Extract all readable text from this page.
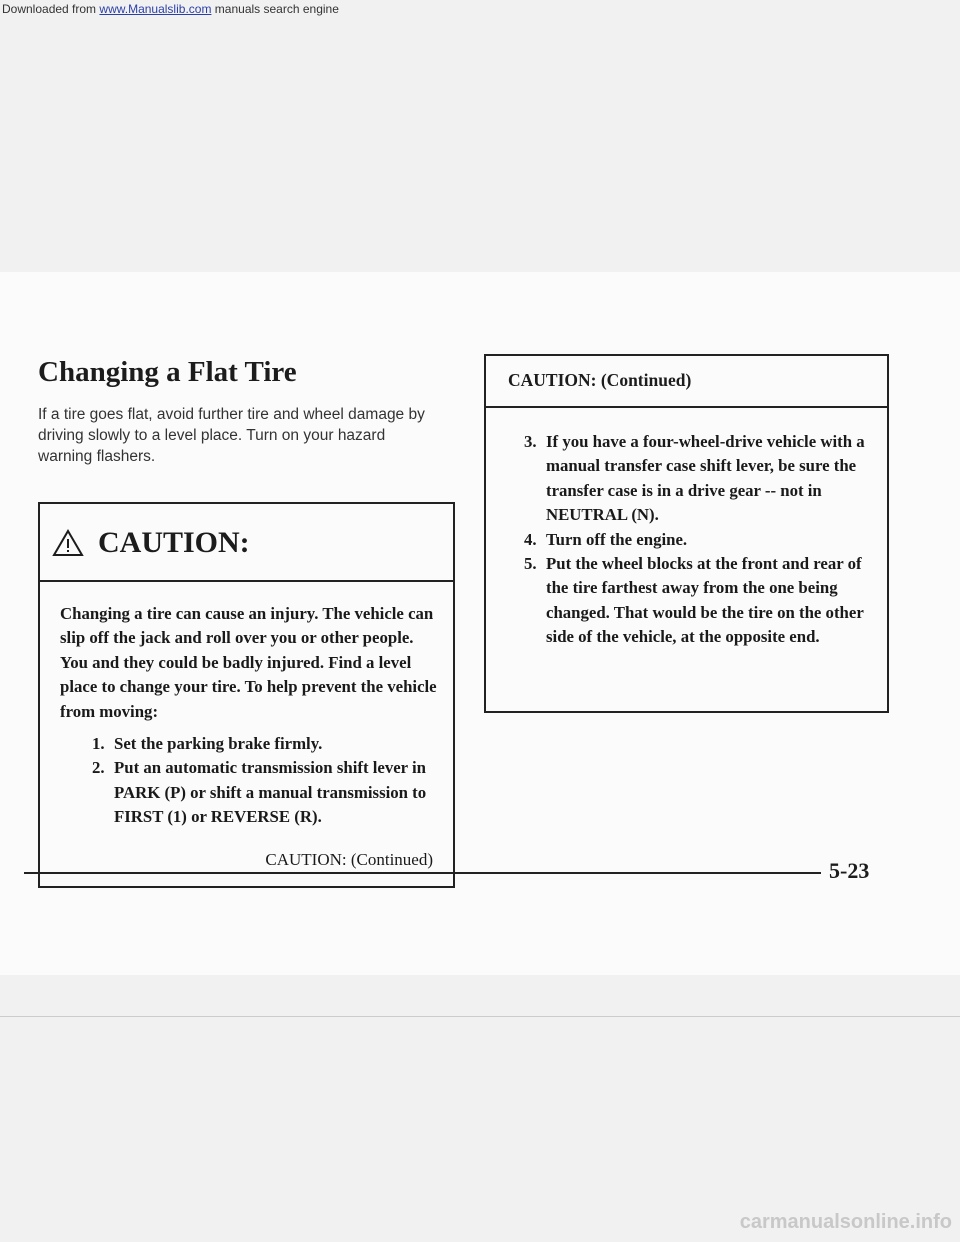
Downloaded from www.Manualslib.com manuals search engine
Changing a Flat Tire

If a tire goes flat, avoid further tire and wheel damage by driving slowly to a level place. Turn on your hazard warning flashers.

CAUTION:

Changing a tire can cause an injury. The vehicle can slip off the jack and roll over you or other people. You and they could be badly injured. Find a level place to change your tire. To help prevent the vehicle from moving:

1. Set the parking brake firmly.
2. Put an automatic transmission shift lever in PARK (P) or shift a manual transmission to FIRST (1) or REVERSE (R).
CAUTION: (Continued)
CAUTION: (Continued)
3. If you have a four-wheel-drive vehicle with a manual transfer case shift lever, be sure the transfer case is in a drive gear -- not in NEUTRAL (N).
4. Turn off the engine.
5. Put the wheel blocks at the front and rear of the tire farthest away from the one being changed. That would be the tire on the other side of the vehicle, at the opposite end.
5-23
carmanualsonline.info
